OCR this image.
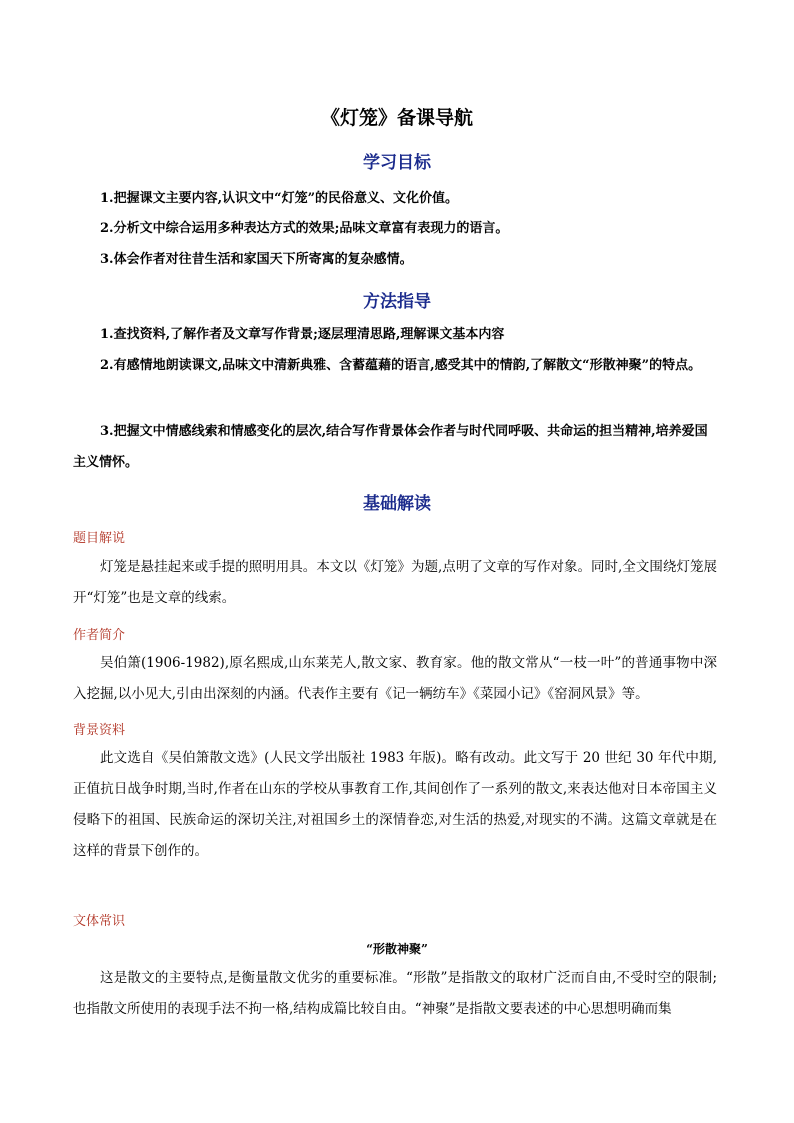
《灯笼》备课导航
学习目标
1.把握课文主要内容,认识文中“灯笼”的民俗意义、文化价值。
2.分析文中综合运用多种表达方式的效果;品味文章富有表现力的语言。
3.体会作者对往昔生活和家国天下所寄寓的复杂感情。
方法指导
1.查找资料,了解作者及文章写作背景;逐层理清思路,理解课文基本内容
2.有感情地朗读课文,品味文中清新典雅、含蓄蕴藉的语言,感受其中的情韵,了解散文“形散神聚”的特点。
3.把握文中情感线索和情感变化的层次,结合写作背景体会作者与时代同呼吸、共命运的担当精神,培养爱国主义情怀。
基础解读
题目解说
灯笼是悬挂起来或手提的照明用具。本文以《灯笼》为题,点明了文章的写作对象。同时,全文围绕灯笼展开“灯笼”也是文章的线索。
作者简介
吴伯箫(1906-1982),原名熙成,山东莱芜人,散文家、教育家。他的散文常从“一枝一叶”的普通事物中深入挖掘,以小见大,引由出深刻的内涵。代表作主要有《记一辆纺车》《菜园小记》《窑洞风景》等。
背景资料
此文选自《吴伯箫散文选》(人民文学出版社 1983 年版)。略有改动。此文写于 20 世纪 30 年代中期,正值抗日战争时期,当时,作者在山东的学校从事教育工作,其间创作了一系列的散文,来表达他对日本帝国主义侵略下的祖国、民族命运的深切关注,对祖国乡土的深情眷恋,对生活的热爱,对现实的不满。这篇文章就是在这样的背景下创作的。
文体常识
“形散神聚”
这是散文的主要特点,是衡量散文优劣的重要标准。“形散”是指散文的取材广泛而自由,不受时空的限制;也指散文所使用的表现手法不拘一格,结构成篇比较自由。“神聚”是指散文要表述的中心思想明确而集
